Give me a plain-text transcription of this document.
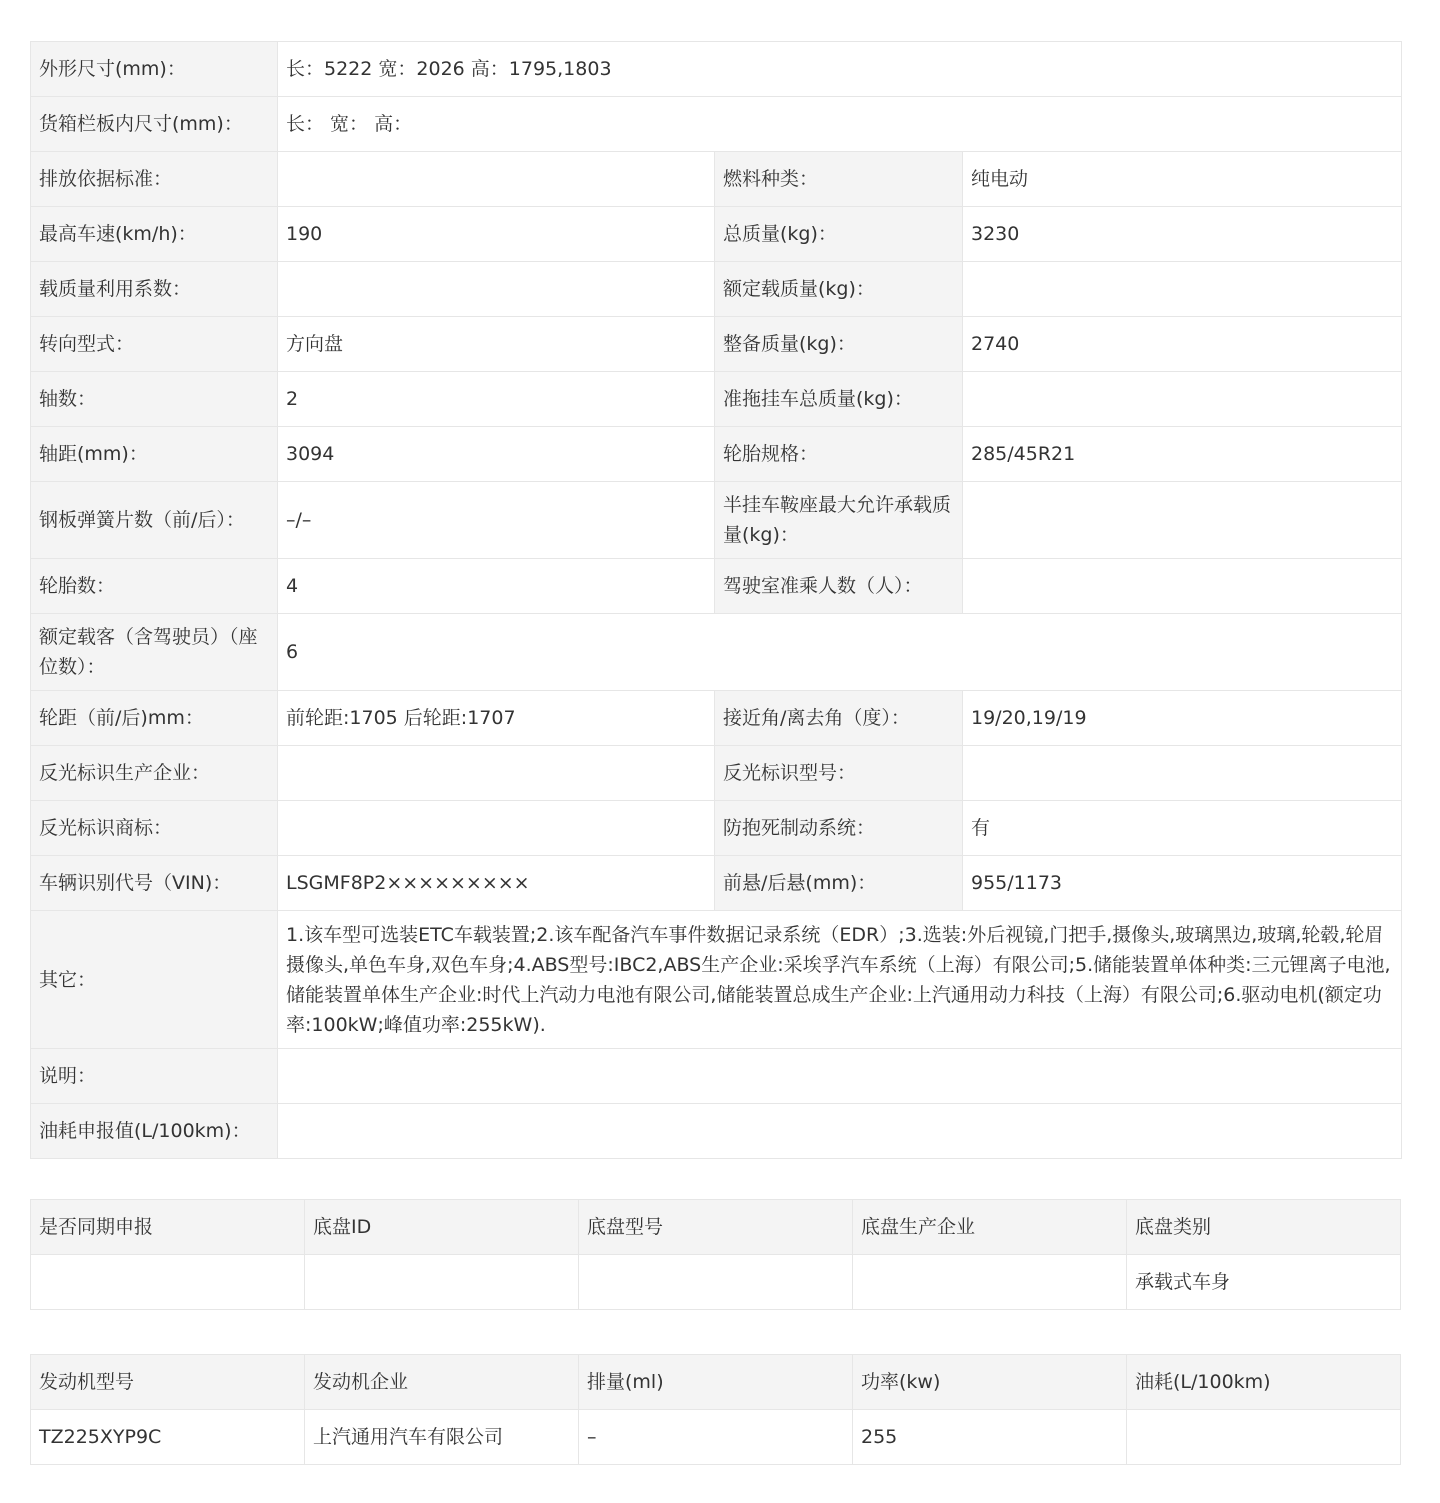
外形尺寸(mm)：	长：5222 宽：2026 高：1795,1803		
货箱栏板内尺寸(mm)：	长： 宽： 高：		
排放依据标准：		燃料种类：	纯电动
最高车速(km/h)：	190	总质量(kg)：	3230
载质量利用系数：		额定载质量(kg)：	
转向型式：	方向盘	整备质量(kg)：	2740
轴数：	2	准拖挂车总质量(kg)：	
轴距(mm)：	3094	轮胎规格：	285/45R21
钢板弹簧片数（前/后）：	–/–	半挂车鞍座最大允许承载质量(kg)：	
轮胎数：	4	驾驶室准乘人数（人）：	
额定载客（含驾驶员）（座位数）：	6		
轮距（前/后)mm：	前轮距:1705 后轮距:1707	接近角/离去角（度）：	19/20,19/19
反光标识生产企业：		反光标识型号：	
反光标识商标：		防抱死制动系统：	有
车辆识别代号（VIN)：	LSGMF8P2×××××××××	前悬/后悬(mm)：	955/1173
其它：	1.该车型可选装ETC车载装置;2.该车配备汽车事件数据记录系统（EDR）;3.选装:外后视镜,门把手,摄像头,玻璃黑边,玻璃,轮毂,轮眉摄像头,单色车身,双色车身;4.ABS型号:IBC2,ABS生产企业:采埃孚汽车系统（上海）有限公司;5.储能装置单体种类:三元锂离子电池,储能装置单体生产企业:时代上汽动力电池有限公司,储能装置总成生产企业:上汽通用动力科技（上海）有限公司;6.驱动电机(额定功率:100kW;峰值功率:255kW).		
说明：			
油耗申报值(L/100km)：			
是否同期申报	底盘ID	底盘型号	底盘生产企业	底盘类别
				承载式车身
发动机型号	发动机企业	排量(ml)	功率(kw)	油耗(L/100km)
TZ225XYP9C	上汽通用汽车有限公司	–	255	
